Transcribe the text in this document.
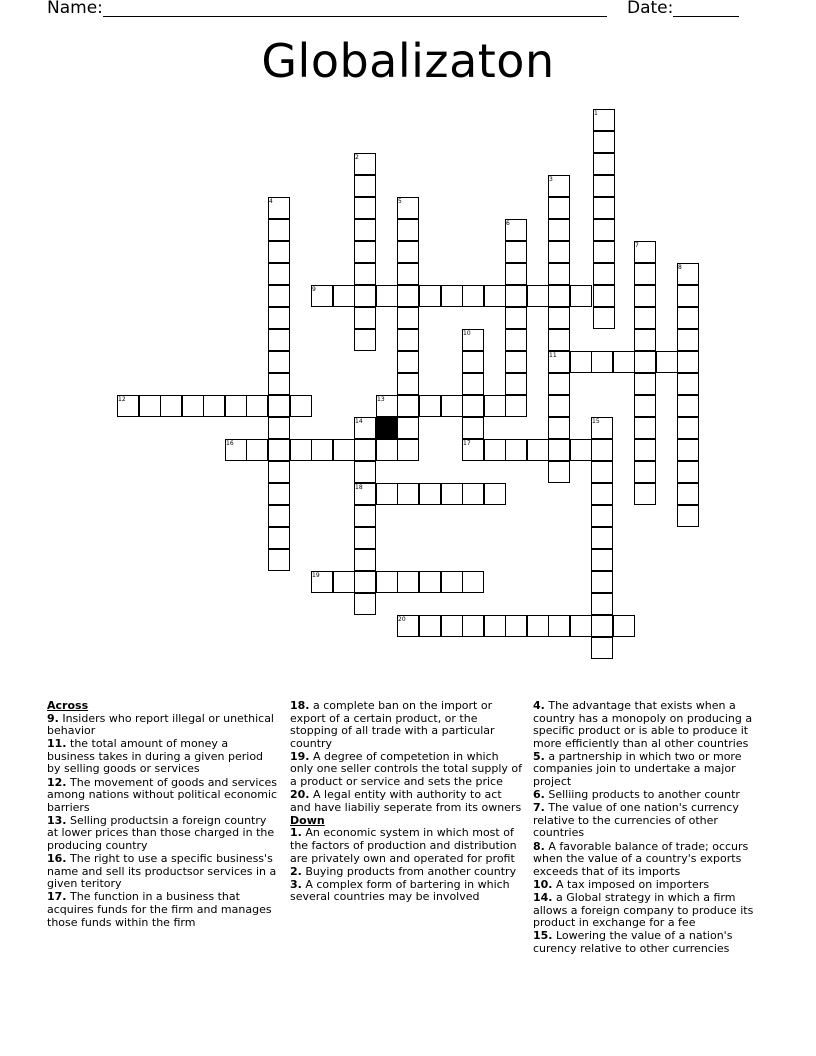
Name:	Date:
Globalizaton
1
2
3
4	5
6
7
8
9
10
11
12	13
14	15
16	17
18
19
20
Across
9. Insiders who report illegal or unethical behavior
11. the total amount of money a business takes in during a given period by selling goods or services
12. The movement of goods and services among nations without political economic barriers
13. Selling productsin a foreign country at lower prices than those charged in the producing country
16. The right to use a specific business's name and sell its productsor services in a given teritory
17. The function in a business that acquires funds for the firm and manages those funds within the firm
18. a complete ban on the import or export of a certain product, or the stopping of all trade with a particular country
19. A degree of competetion in which only one seller controls the total supply of a product or service and sets the price
20. A legal entity with authority to act and have liabiliy seperate from its owners
Down
1. An economic system in which most of the factors of production and distribution are privately own and operated for profit
2. Buying products from another country
3. A complex form of bartering in which several countries may be involved
4. The advantage that exists when a country has a monopoly on producing a specific product or is able to produce it more efficiently than al other countries
5. a partnership in which two or more companies join to undertake a major project
6. Selliing products to another countr
7. The value of one nation's currency relative to the currencies of other countries
8. A favorable balance of trade; occurs when the value of a country's exports exceeds that of its imports
10. A tax imposed on importers
14. a Global strategy in which a firm allows a foreign company to produce its product in exchange for a fee
15. Lowering the value of a nation's curency relative to other currencies
